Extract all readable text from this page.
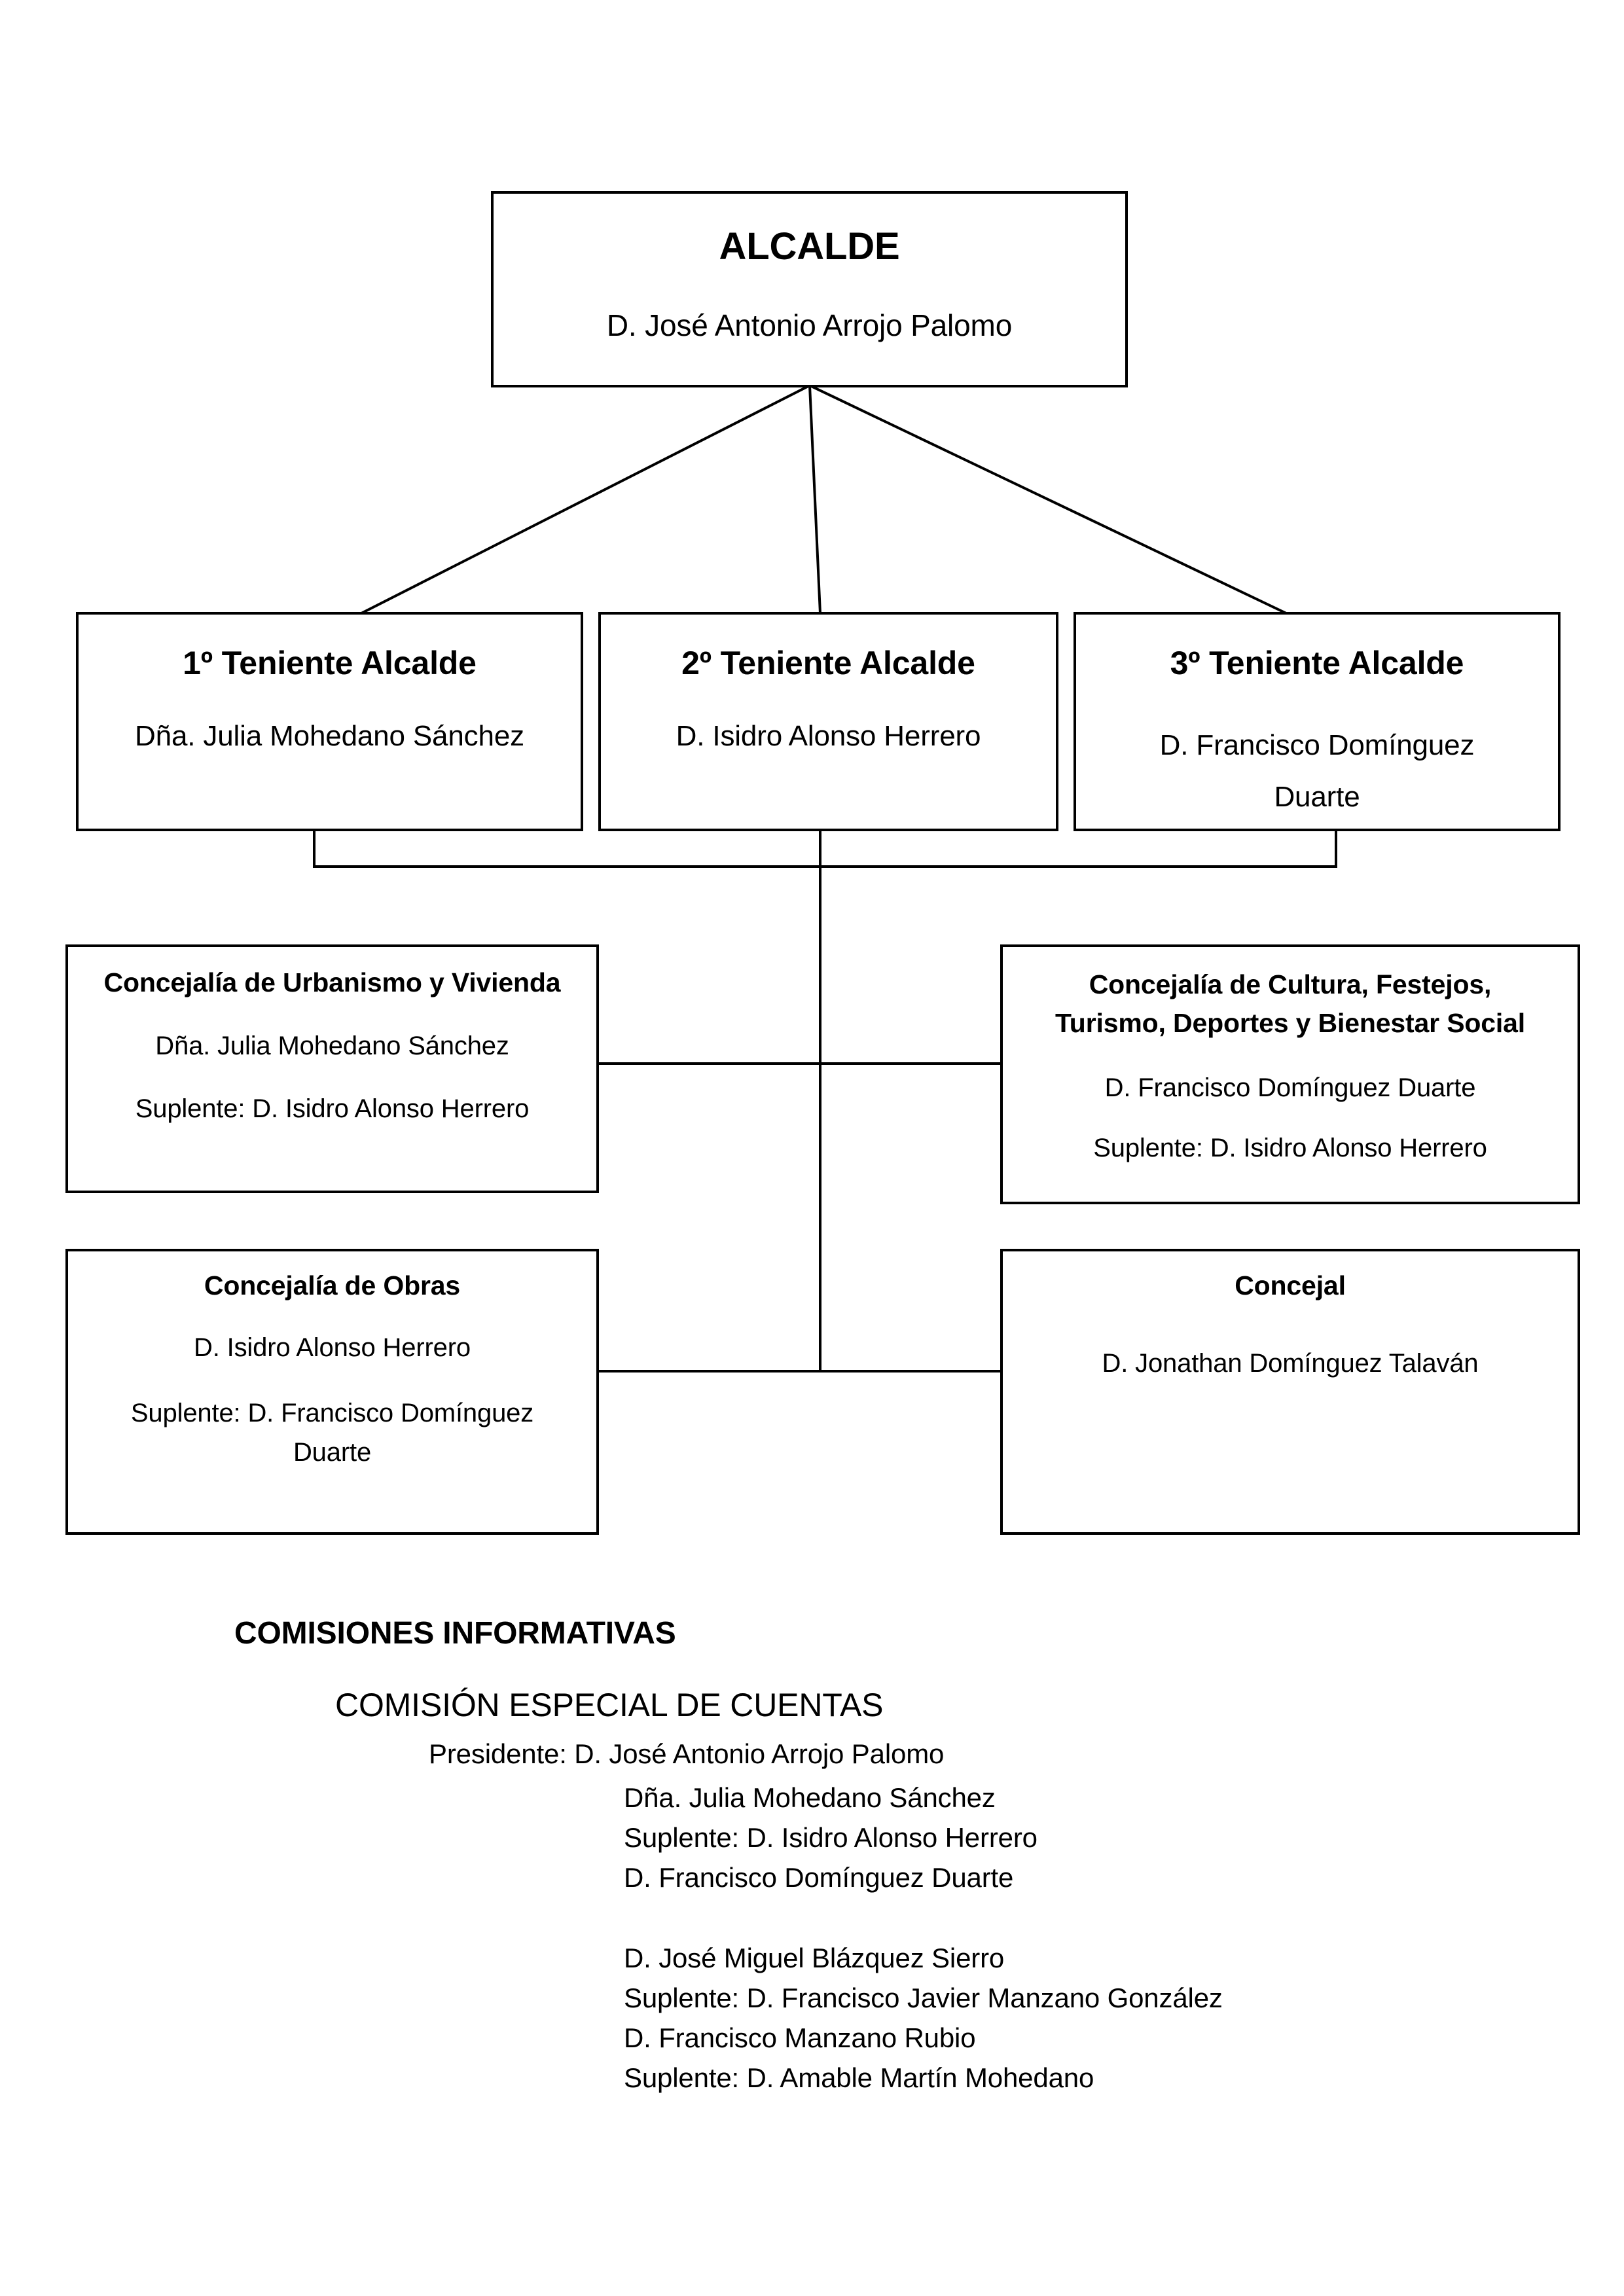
ALCALDE
D. José Antonio Arrojo Palomo
1º Teniente Alcalde
Dña. Julia Mohedano Sánchez
2º Teniente Alcalde
D. Isidro Alonso Herrero
3º Teniente Alcalde
D. Francisco Domínguez
Duarte
Concejalía de Urbanismo y Vivienda
Dña. Julia Mohedano Sánchez
Suplente: D. Isidro Alonso Herrero
Concejalía de Cultura, Festejos,
Turismo, Deportes y Bienestar Social
D. Francisco Domínguez Duarte
Suplente: D. Isidro Alonso Herrero
Concejalía de Obras
D. Isidro Alonso Herrero
Suplente: D. Francisco Domínguez
Duarte
Concejal
D. Jonathan Domínguez Talaván
COMISIONES INFORMATIVAS
COMISIÓN ESPECIAL DE CUENTAS
Presidente: D. José Antonio Arrojo Palomo
Dña. Julia Mohedano Sánchez
Suplente: D. Isidro Alonso Herrero
D. Francisco Domínguez Duarte
D. José Miguel Blázquez Sierro
Suplente: D. Francisco Javier Manzano González
D. Francisco Manzano Rubio
Suplente: D. Amable Martín Mohedano
